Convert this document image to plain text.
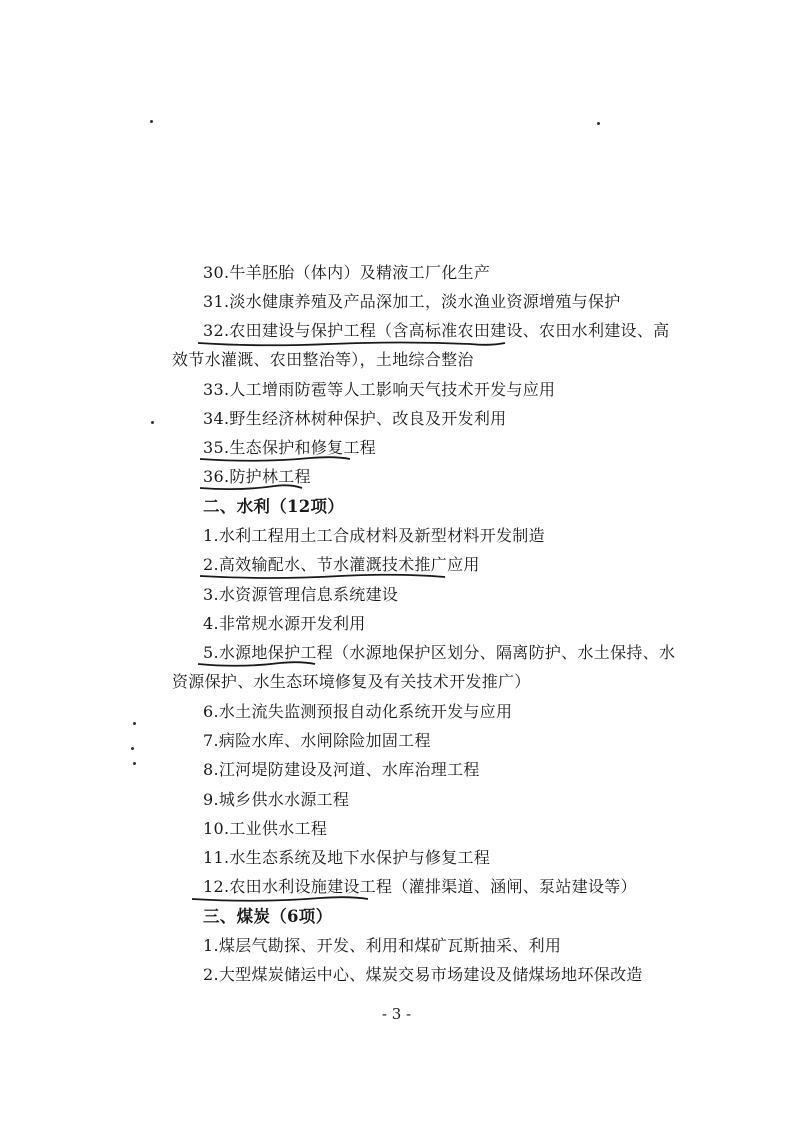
30.牛羊胚胎（体内）及精液工厂化生产
31.淡水健康养殖及产品深加工，淡水渔业资源增殖与保护
32.农田建设与保护工程（含高标准农田建设、农田水利建设、高
效节水灌溉、农田整治等），土地综合整治
33.人工增雨防雹等人工影响天气技术开发与应用
34.野生经济林树种保护、改良及开发利用
35.生态保护和修复工程
36.防护林工程
二、水利（12项）
1.水利工程用土工合成材料及新型材料开发制造
2.高效输配水、节水灌溉技术推广应用
3.水资源管理信息系统建设
4.非常规水源开发利用
5.水源地保护工程（水源地保护区划分、隔离防护、水土保持、水
资源保护、水生态环境修复及有关技术开发推广）
6.水土流失监测预报自动化系统开发与应用
7.病险水库、水闸除险加固工程
8.江河堤防建设及河道、水库治理工程
9.城乡供水水源工程
10.工业供水工程
11.水生态系统及地下水保护与修复工程
12.农田水利设施建设工程（灌排渠道、涵闸、泵站建设等）
三、煤炭（6项）
1.煤层气勘探、开发、利用和煤矿瓦斯抽采、利用
2.大型煤炭储运中心、煤炭交易市场建设及储煤场地环保改造
- 3 -
